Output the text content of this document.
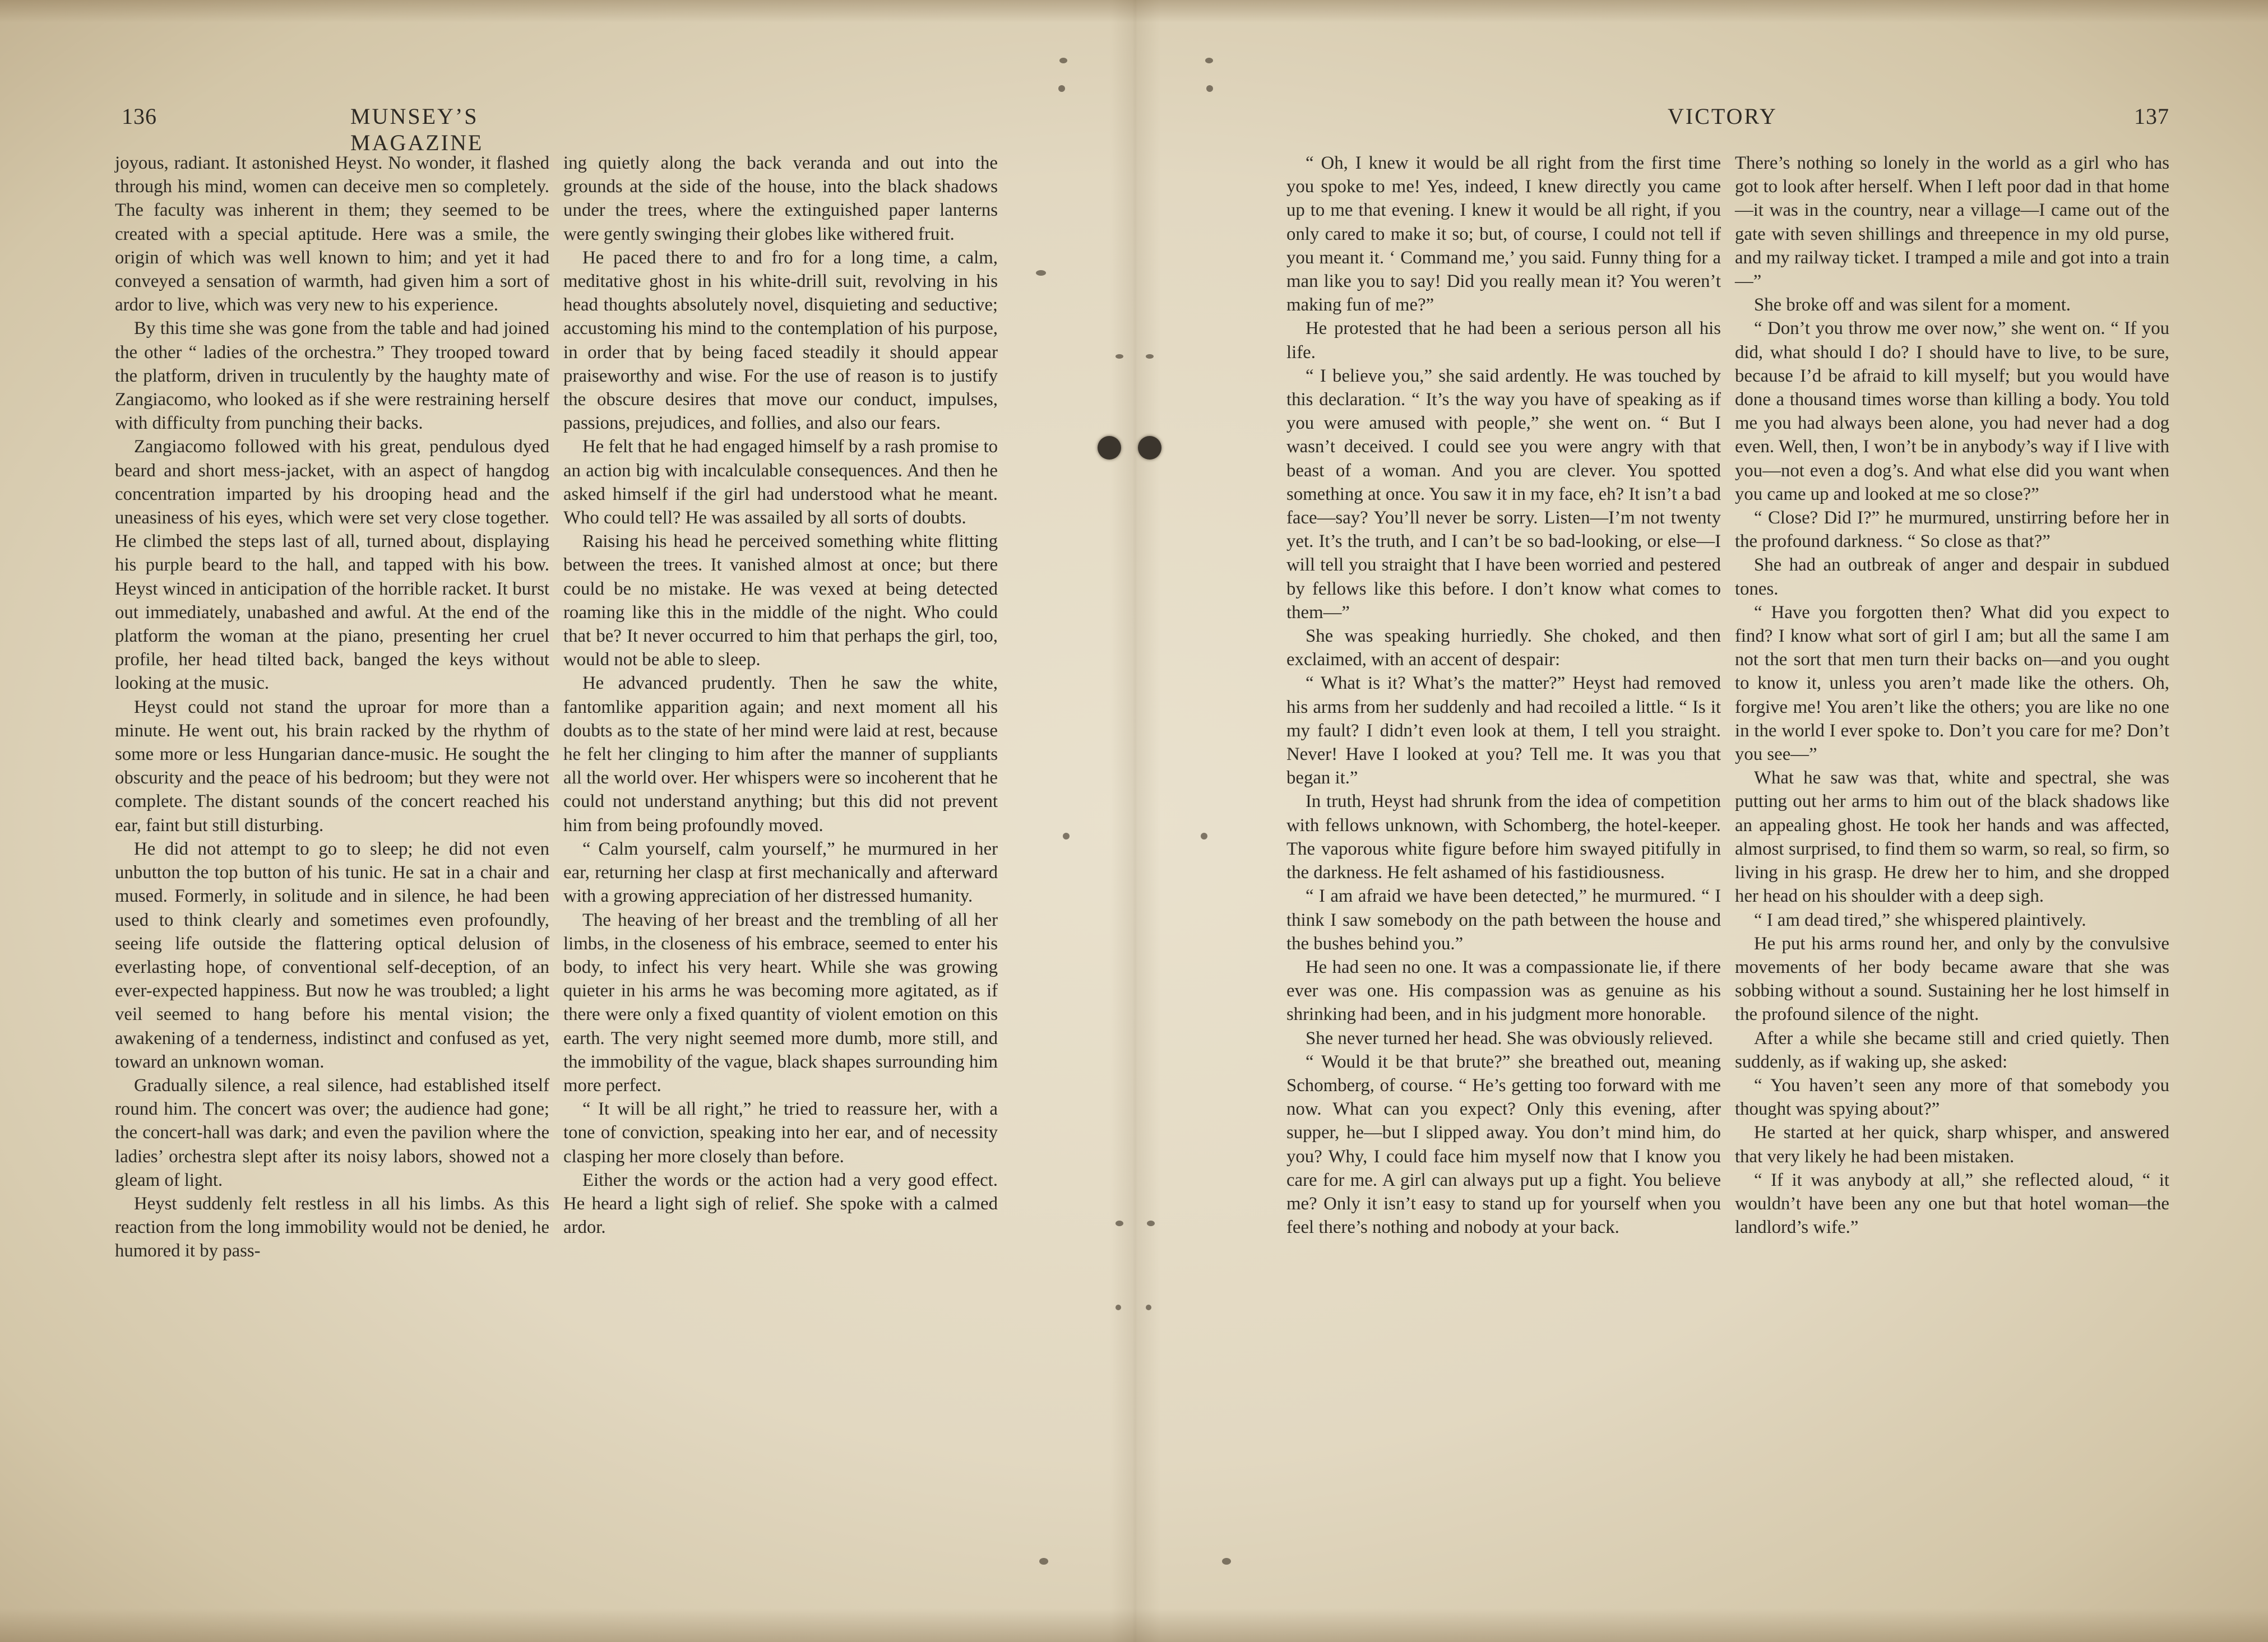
136	MUNSEY’S MAGAZINE

joyous, radiant. It astonished Heyst. No wonder, it flashed through his mind, women can deceive men so completely. The faculty was inherent in them; they seemed to be created with a special aptitude. Here was a smile, the origin of which was well known to him; and yet it had conveyed a sensation of warmth, had given him a sort of ardor to live, which was very new to his experience.

By this time she was gone from the table and had joined the other “ ladies of the orchestra.” They trooped toward the platform, driven in truculently by the haughty mate of Zangiacomo, who looked as if she were restraining herself with difficulty from punching their backs.

Zangiacomo followed with his great, pendulous dyed beard and short mess-jacket, with an aspect of hangdog concentration imparted by his drooping head and the uneasiness of his eyes, which were set very close together. He climbed the steps last of all, turned about, displaying his purple beard to the hall, and tapped with his bow. Heyst winced in anticipation of the horrible racket. It burst out immediately, unabashed and awful. At the end of the platform the woman at the piano, presenting her cruel profile, her head tilted back, banged the keys without looking at the music.

Heyst could not stand the uproar for more than a minute. He went out, his brain racked by the rhythm of some more or less Hungarian dance-music. He sought the obscurity and the peace of his bedroom; but they were not complete. The distant sounds of the concert reached his ear, faint but still disturbing.

He did not attempt to go to sleep; he did not even unbutton the top button of his tunic. He sat in a chair and mused. Formerly, in solitude and in silence, he had been used to think clearly and sometimes even profoundly, seeing life outside the flattering optical delusion of everlasting hope, of conventional self-deception, of an ever-expected happiness. But now he was troubled; a light veil seemed to hang before his mental vision; the awakening of a tenderness, indistinct and confused as yet, toward an unknown woman.

Gradually silence, a real silence, had established itself round him. The concert was over; the audience had gone; the concert-hall was dark; and even the pavilion where the ladies’ orchestra slept after its noisy labors, showed not a gleam of light.

Heyst suddenly felt restless in all his limbs. As this reaction from the long immobility would not be denied, he humored it by pass-

ing quietly along the back veranda and out into the grounds at the side of the house, into the black shadows under the trees, where the extinguished paper lanterns were gently swinging their globes like withered fruit.

He paced there to and fro for a long time, a calm, meditative ghost in his white-drill suit, revolving in his head thoughts absolutely novel, disquieting and seductive; accustoming his mind to the contemplation of his purpose, in order that by being faced steadily it should appear praiseworthy and wise. For the use of reason is to justify the obscure desires that move our conduct, impulses, passions, prejudices, and follies, and also our fears.

He felt that he had engaged himself by a rash promise to an action big with incalculable consequences. And then he asked himself if the girl had understood what he meant. Who could tell? He was assailed by all sorts of doubts.

Raising his head he perceived something white flitting between the trees. It vanished almost at once; but there could be no mistake. He was vexed at being detected roaming like this in the middle of the night. Who could that be? It never occurred to him that perhaps the girl, too, would not be able to sleep.

He advanced prudently. Then he saw the white, fantomlike apparition again; and next moment all his doubts as to the state of her mind were laid at rest, because he felt her clinging to him after the manner of suppliants all the world over. Her whispers were so incoherent that he could not understand anything; but this did not prevent him from being profoundly moved.

“ Calm yourself, calm yourself,” he murmured in her ear, returning her clasp at first mechanically and afterward with a growing appreciation of her distressed humanity.

The heaving of her breast and the trembling of all her limbs, in the closeness of his embrace, seemed to enter his body, to infect his very heart. While she was growing quieter in his arms he was becoming more agitated, as if there were only a fixed quantity of violent emotion on this earth. The very night seemed more dumb, more still, and the immobility of the vague, black shapes surrounding him more perfect.

“ It will be all right,” he tried to reassure her, with a tone of conviction, speaking into her ear, and of necessity clasping her more closely than before.

Either the words or the action had a very good effect. He heard a light sigh of relief. She spoke with a calmed ardor.

VICTORY	137

“ Oh, I knew it would be all right from the first time you spoke to me! Yes, indeed, I knew directly you came up to me that evening. I knew it would be all right, if you only cared to make it so; but, of course, I could not tell if you meant it. ‘ Command me,’ you said. Funny thing for a man like you to say! Did you really mean it? You weren’t making fun of me?”

He protested that he had been a serious person all his life.

“ I believe you,” she said ardently. He was touched by this declaration. “ It’s the way you have of speaking as if you were amused with people,” she went on. “ But I wasn’t deceived. I could see you were angry with that beast of a woman. And you are clever. You spotted something at once. You saw it in my face, eh? It isn’t a bad face—say? You’ll never be sorry. Listen—I’m not twenty yet. It’s the truth, and I can’t be so bad-looking, or else—I will tell you straight that I have been worried and pestered by fellows like this before. I don’t know what comes to them—”

She was speaking hurriedly. She choked, and then exclaimed, with an accent of despair:

“ What is it? What’s the matter?” Heyst had removed his arms from her suddenly and had recoiled a little. “ Is it my fault? I didn’t even look at them, I tell you straight. Never! Have I looked at you? Tell me. It was you that began it.”

In truth, Heyst had shrunk from the idea of competition with fellows unknown, with Schomberg, the hotel-keeper. The vaporous white figure before him swayed pitifully in the darkness. He felt ashamed of his fastidiousness.

“ I am afraid we have been detected,” he murmured. “ I think I saw somebody on the path between the house and the bushes behind you.”

He had seen no one. It was a compassionate lie, if there ever was one. His compassion was as genuine as his shrinking had been, and in his judgment more honorable.

She never turned her head. She was obviously relieved.

“ Would it be that brute?” she breathed out, meaning Schomberg, of course. “ He’s getting too forward with me now. What can you expect? Only this evening, after supper, he—but I slipped away. You don’t mind him, do you? Why, I could face him myself now that I know you care for me. A girl can always put up a fight. You believe me? Only it isn’t easy to stand up for yourself when you feel there’s nothing and nobody at your back.

There’s nothing so lonely in the world as a girl who has got to look after herself. When I left poor dad in that home—it was in the country, near a village—I came out of the gate with seven shillings and threepence in my old purse, and my railway ticket. I tramped a mile and got into a train—”

She broke off and was silent for a moment.

“ Don’t you throw me over now,” she went on. “ If you did, what should I do? I should have to live, to be sure, because I’d be afraid to kill myself; but you would have done a thousand times worse than killing a body. You told me you had always been alone, you had never had a dog even. Well, then, I won’t be in anybody’s way if I live with you—not even a dog’s. And what else did you want when you came up and looked at me so close?”

“ Close? Did I?” he murmured, unstirring before her in the profound darkness. “ So close as that?”

She had an outbreak of anger and despair in subdued tones.

“ Have you forgotten then? What did you expect to find? I know what sort of girl I am; but all the same I am not the sort that men turn their backs on—and you ought to know it, unless you aren’t made like the others. Oh, forgive me! You aren’t like the others; you are like no one in the world I ever spoke to. Don’t you care for me? Don’t you see—”

What he saw was that, white and spectral, she was putting out her arms to him out of the black shadows like an appealing ghost. He took her hands and was affected, almost surprised, to find them so warm, so real, so firm, so living in his grasp. He drew her to him, and she dropped her head on his shoulder with a deep sigh.

“ I am dead tired,” she whispered plaintively.

He put his arms round her, and only by the convulsive movements of her body became aware that she was sobbing without a sound. Sustaining her he lost himself in the profound silence of the night.

After a while she became still and cried quietly. Then suddenly, as if waking up, she asked:

“ You haven’t seen any more of that somebody you thought was spying about?”

He started at her quick, sharp whisper, and answered that very likely he had been mistaken.

“ If it was anybody at all,” she reflected aloud, “ it wouldn’t have been any one but that hotel woman—the landlord’s wife.”
